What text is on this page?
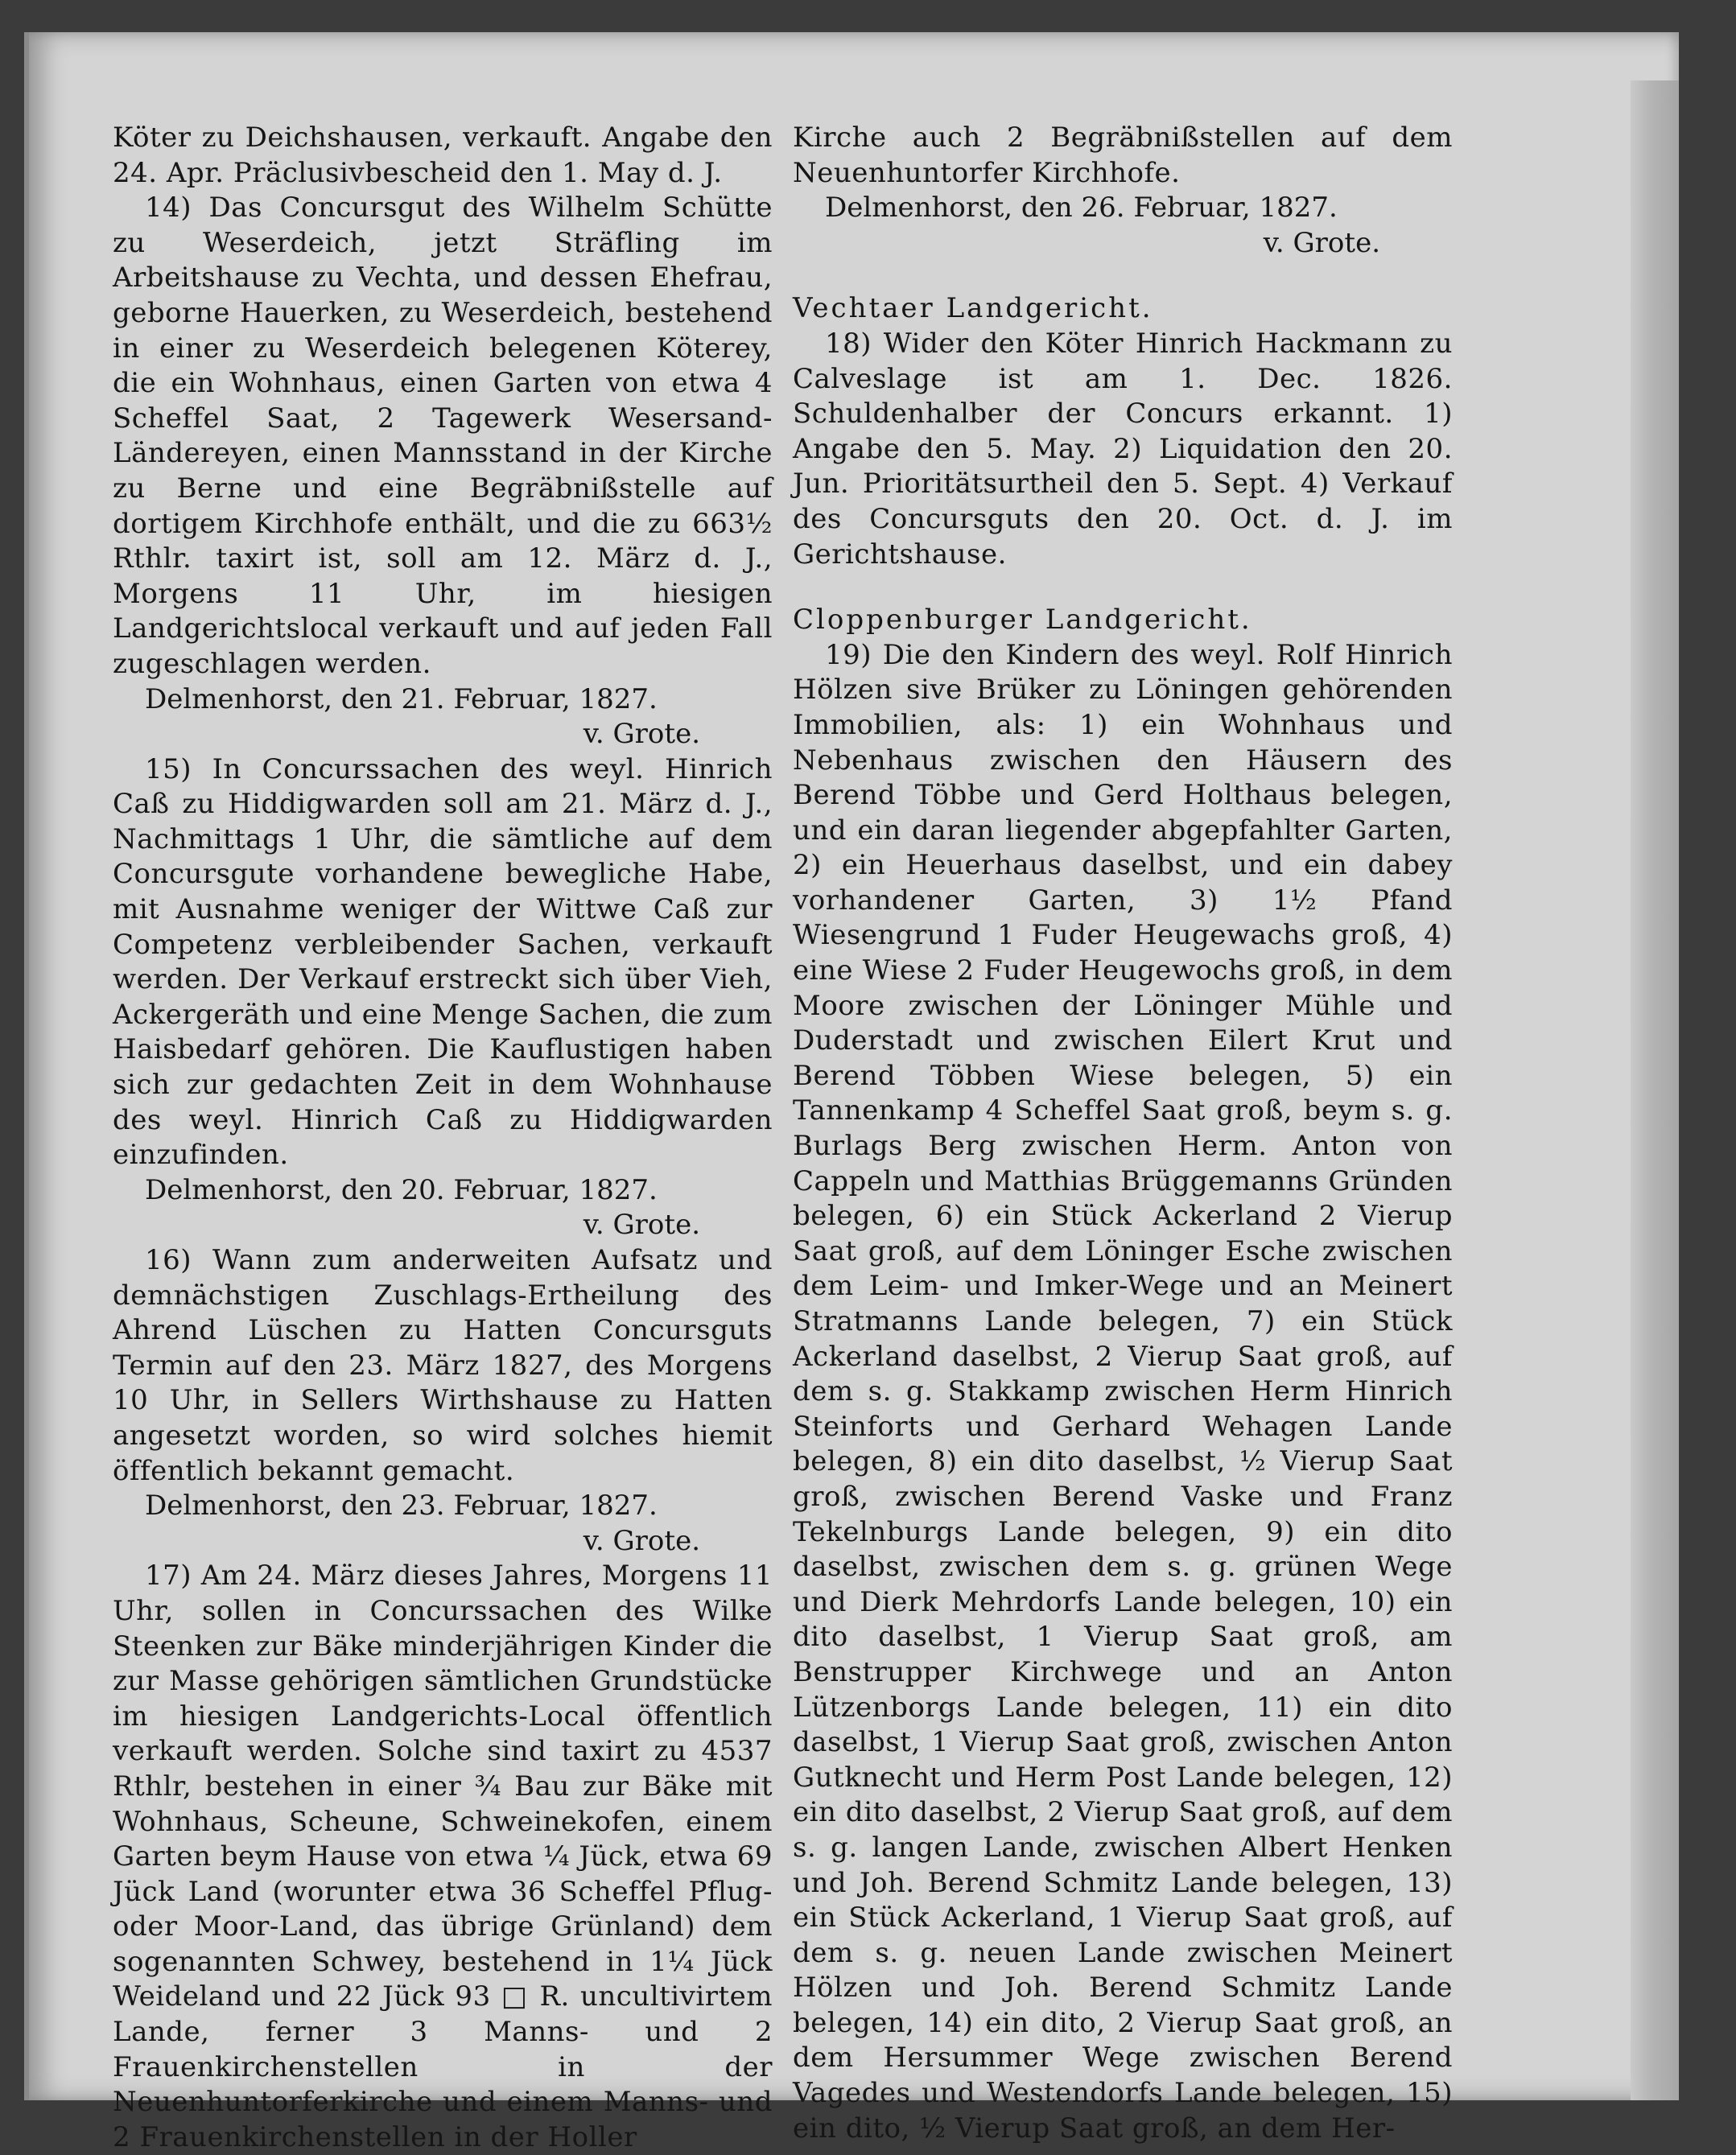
Köter zu Deichshausen, verkauft. Angabe den 24. Apr. Präclusivbescheid den 1. May d. J.

14) Das Concursgut des Wilhelm Schütte zu Weserdeich, jetzt Sträfling im Arbeitshause zu Vechta, und dessen Ehefrau, geborne Hauerken, zu Weserdeich, bestehend in einer zu Weserdeich belegenen Köterey, die ein Wohnhaus, einen Garten von etwa 4 Scheffel Saat, 2 Tagewerk Wesersand-Ländereyen, einen Mannsstand in der Kirche zu Berne und eine Begräbnißstelle auf dortigem Kirchhofe enthält, und die zu 663½ Rthlr. taxirt ist, soll am 12. März d. J., Morgens 11 Uhr, im hiesigen Landgerichtslocal verkauft und auf jeden Fall zugeschlagen werden.

Delmenhorst, den 21. Februar, 1827.

v. Grote.

15) In Concurssachen des weyl. Hinrich Caß zu Hiddigwarden soll am 21. März d. J., Nachmittags 1 Uhr, die sämtliche auf dem Concursgute vorhandene bewegliche Habe, mit Ausnahme weniger der Wittwe Caß zur Competenz verbleibender Sachen, verkauft werden. Der Verkauf erstreckt sich über Vieh, Ackergeräth und eine Menge Sachen, die zum Haisbedarf gehören. Die Kauflustigen haben sich zur gedachten Zeit in dem Wohnhause des weyl. Hinrich Caß zu Hiddigwarden einzufinden.

Delmenhorst, den 20. Februar, 1827.

v. Grote.

16) Wann zum anderweiten Aufsatz und demnächstigen Zuschlags-Ertheilung des Ahrend Lüschen zu Hatten Concursguts Termin auf den 23. März 1827, des Morgens 10 Uhr, in Sellers Wirthshause zu Hatten angesetzt worden, so wird solches hiemit öffentlich bekannt gemacht.

Delmenhorst, den 23. Februar, 1827.

v. Grote.

17) Am 24. März dieses Jahres, Morgens 11 Uhr, sollen in Concurssachen des Wilke Steenken zur Bäke minderjährigen Kinder die zur Masse gehörigen sämtlichen Grundstücke im hiesigen Landgerichts-Local öffentlich verkauft werden. Solche sind taxirt zu 4537 Rthlr, bestehen in einer ¾ Bau zur Bäke mit Wohnhaus, Scheune, Schweinekofen, einem Garten beym Hause von etwa ¼ Jück, etwa 69 Jück Land (worunter etwa 36 Scheffel Pflug- oder Moor-Land, das übrige Grünland) dem sogenannten Schwey, bestehend in 1¼ Jück Weideland und 22 Jück 93 □ R. uncultivirtem Lande, ferner 3 Manns- und 2 Frauenkirchenstellen in der Neuenhuntorferkirche und einem Manns- und 2 Frauenkirchenstellen in der Holler

Kirche auch 2 Begräbnißstellen auf dem Neuenhuntorfer Kirchhofe.

Delmenhorst, den 26. Februar, 1827.

v. Grote.

Vechtaer Landgericht.

18) Wider den Köter Hinrich Hackmann zu Calveslage ist am 1. Dec. 1826. Schuldenhalber der Concurs erkannt. 1) Angabe den 5. May. 2) Liquidation den 20. Jun. Prioritätsurtheil den 5. Sept. 4) Verkauf des Concursguts den 20. Oct. d. J. im Gerichtshause.

Cloppenburger Landgericht.

19) Die den Kindern des weyl. Rolf Hinrich Hölzen sive Brüker zu Löningen gehörenden Immobilien, als: 1) ein Wohnhaus und Nebenhaus zwischen den Häusern des Berend Többe und Gerd Holthaus belegen, und ein daran liegender abgepfahlter Garten, 2) ein Heuerhaus daselbst, und ein dabey vorhandener Garten, 3) 1½ Pfand Wiesengrund 1 Fuder Heugewachs groß, 4) eine Wiese 2 Fuder Heugewochs groß, in dem Moore zwischen der Löninger Mühle und Duderstadt und zwischen Eilert Krut und Berend Többen Wiese belegen, 5) ein Tannenkamp 4 Scheffel Saat groß, beym s. g. Burlags Berg zwischen Herm. Anton von Cappeln und Matthias Brüggemanns Gründen belegen, 6) ein Stück Ackerland 2 Vierup Saat groß, auf dem Löninger Esche zwischen dem Leim- und Imker-Wege und an Meinert Stratmanns Lande belegen, 7) ein Stück Ackerland daselbst, 2 Vierup Saat groß, auf dem s. g. Stakkamp zwischen Herm Hinrich Steinforts und Gerhard Wehagen Lande belegen, 8) ein dito daselbst, ½ Vierup Saat groß, zwischen Berend Vaske und Franz Tekelnburgs Lande belegen, 9) ein dito daselbst, zwischen dem s. g. grünen Wege und Dierk Mehrdorfs Lande belegen, 10) ein dito daselbst, 1 Vierup Saat groß, am Benstrupper Kirchwege und an Anton Lützenborgs Lande belegen, 11) ein dito daselbst, 1 Vierup Saat groß, zwischen Anton Gutknecht und Herm Post Lande belegen, 12) ein dito daselbst, 2 Vierup Saat groß, auf dem s. g. langen Lande, zwischen Albert Henken und Joh. Berend Schmitz Lande belegen, 13) ein Stück Ackerland, 1 Vierup Saat groß, auf dem s. g. neuen Lande zwischen Meinert Hölzen und Joh. Berend Schmitz Lande belegen, 14) ein dito, 2 Vierup Saat groß, an dem Hersummer Wege zwischen Berend Vagedes und Westendorfs Lande belegen, 15) ein dito, ½ Vierup Saat groß, an dem Her-
